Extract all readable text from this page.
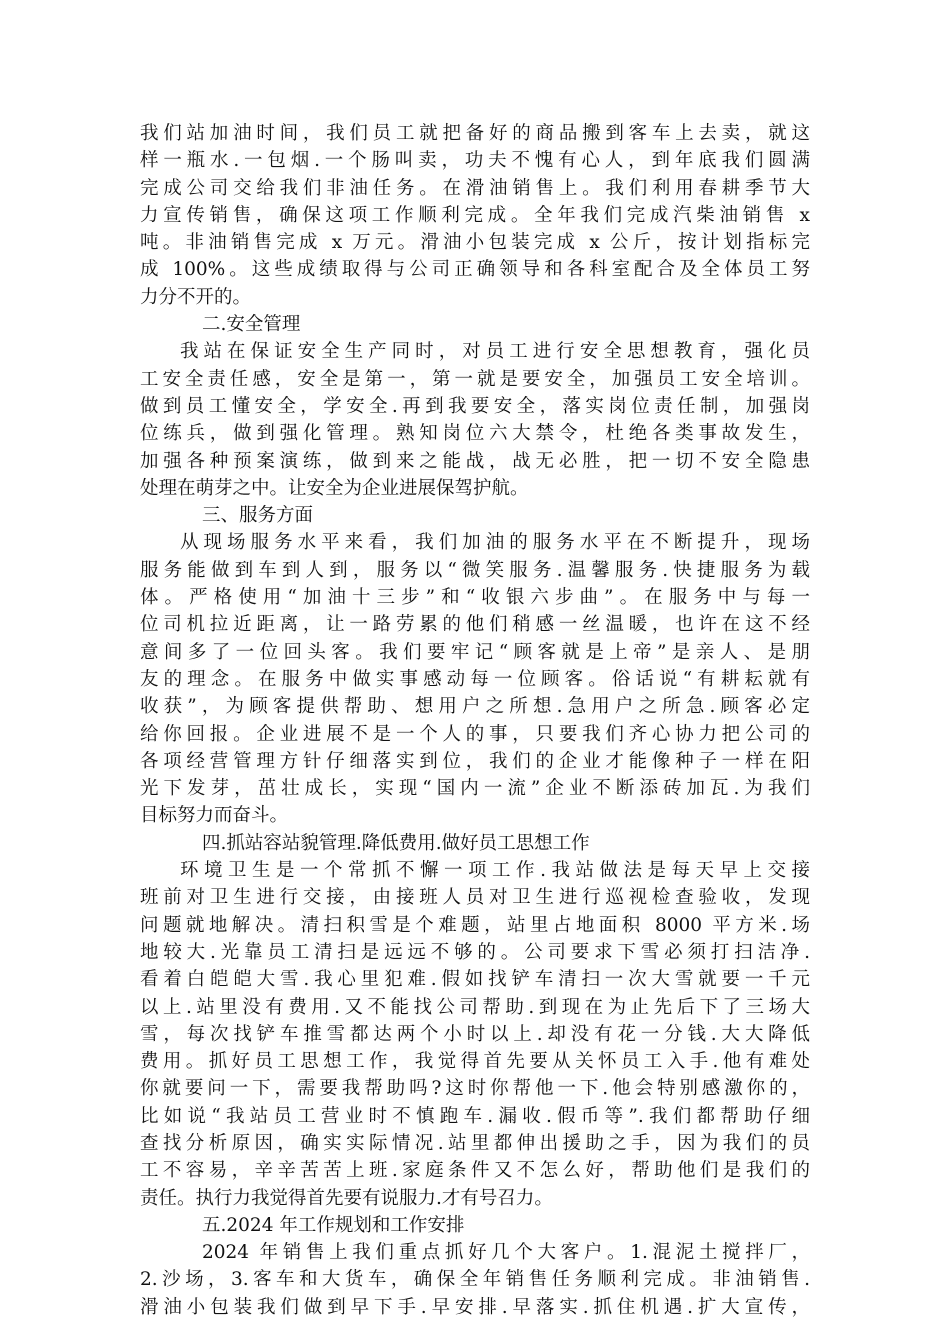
我们站加油时间，我们员工就把备好的商品搬到客车上去卖，就这
样一瓶水.一包烟.一个肠叫卖，功夫不愧有心人，到年底我们圆满
完成公司交给我们非油任务。在滑油销售上。我们利用春耕季节大
力宣传销售，确保这项工作顺利完成。全年我们完成汽柴油销售 x
吨。非油销售完成 x 万元。滑油小包装完成 x 公斤，按计划指标完
成 100%。这些成绩取得与公司正确领导和各科室配合及全体员工努
力分不开的。
二.安全管理
我站在保证安全生产同时，对员工进行安全思想教育，强化员
工安全责任感，安全是第一，第一就是要安全，加强员工安全培训。
做到员工懂安全，学安全.再到我要安全，落实岗位责任制，加强岗
位练兵，做到强化管理。熟知岗位六大禁令，杜绝各类事故发生，
加强各种预案演练，做到来之能战，战无必胜，把一切不安全隐患
处理在萌芽之中。让安全为企业进展保驾护航。
三、服务方面
从现场服务水平来看，我们加油的服务水平在不断提升，现场
服务能做到车到人到，服务以“微笑服务.温馨服务.快捷服务为载
体。严格使用“加油十三步”和“收银六步曲”。在服务中与每一
位司机拉近距离，让一路劳累的他们稍感一丝温暖，也许在这不经
意间多了一位回头客。我们要牢记“顾客就是上帝”是亲人、是朋
友的理念。在服务中做实事感动每一位顾客。俗话说“有耕耘就有
收获”，为顾客提供帮助、想用户之所想.急用户之所急.顾客必定
给你回报。企业进展不是一个人的事，只要我们齐心协力把公司的
各项经营管理方针仔细落实到位，我们的企业才能像种子一样在阳
光下发芽，茁壮成长，实现“国内一流”企业不断添砖加瓦.为我们
目标努力而奋斗。
四.抓站容站貌管理.降低费用.做好员工思想工作
环境卫生是一个常抓不懈一项工作.我站做法是每天早上交接
班前对卫生进行交接，由接班人员对卫生进行巡视检查验收，发现
问题就地解决。清扫积雪是个难题，站里占地面积 8000 平方米.场
地较大.光靠员工清扫是远远不够的。公司要求下雪必须打扫洁净.
看着白皑皑大雪.我心里犯难.假如找铲车清扫一次大雪就要一千元
以上.站里没有费用.又不能找公司帮助.到现在为止先后下了三场大
雪，每次找铲车推雪都达两个小时以上.却没有花一分钱.大大降低
费用。抓好员工思想工作，我觉得首先要从关怀员工入手.他有难处
你就要问一下，需要我帮助吗?这时你帮他一下.他会特别感激你的，
比如说“我站员工营业时不慎跑车.漏收.假币等”.我们都帮助仔细
查找分析原因，确实实际情况.站里都伸出援助之手，因为我们的员
工不容易，辛辛苦苦上班.家庭条件又不怎么好，帮助他们是我们的
责任。执行力我觉得首先要有说服力.才有号召力。
五.2024 年工作规划和工作安排
2024 年销售上我们重点抓好几个大客户。1.混泥土搅拌厂，
2.沙场，3.客车和大货车，确保全年销售任务顺利完成。非油销售.
滑油小包装我们做到早下手.早安排.早落实.抓住机遇.扩大宣传，
